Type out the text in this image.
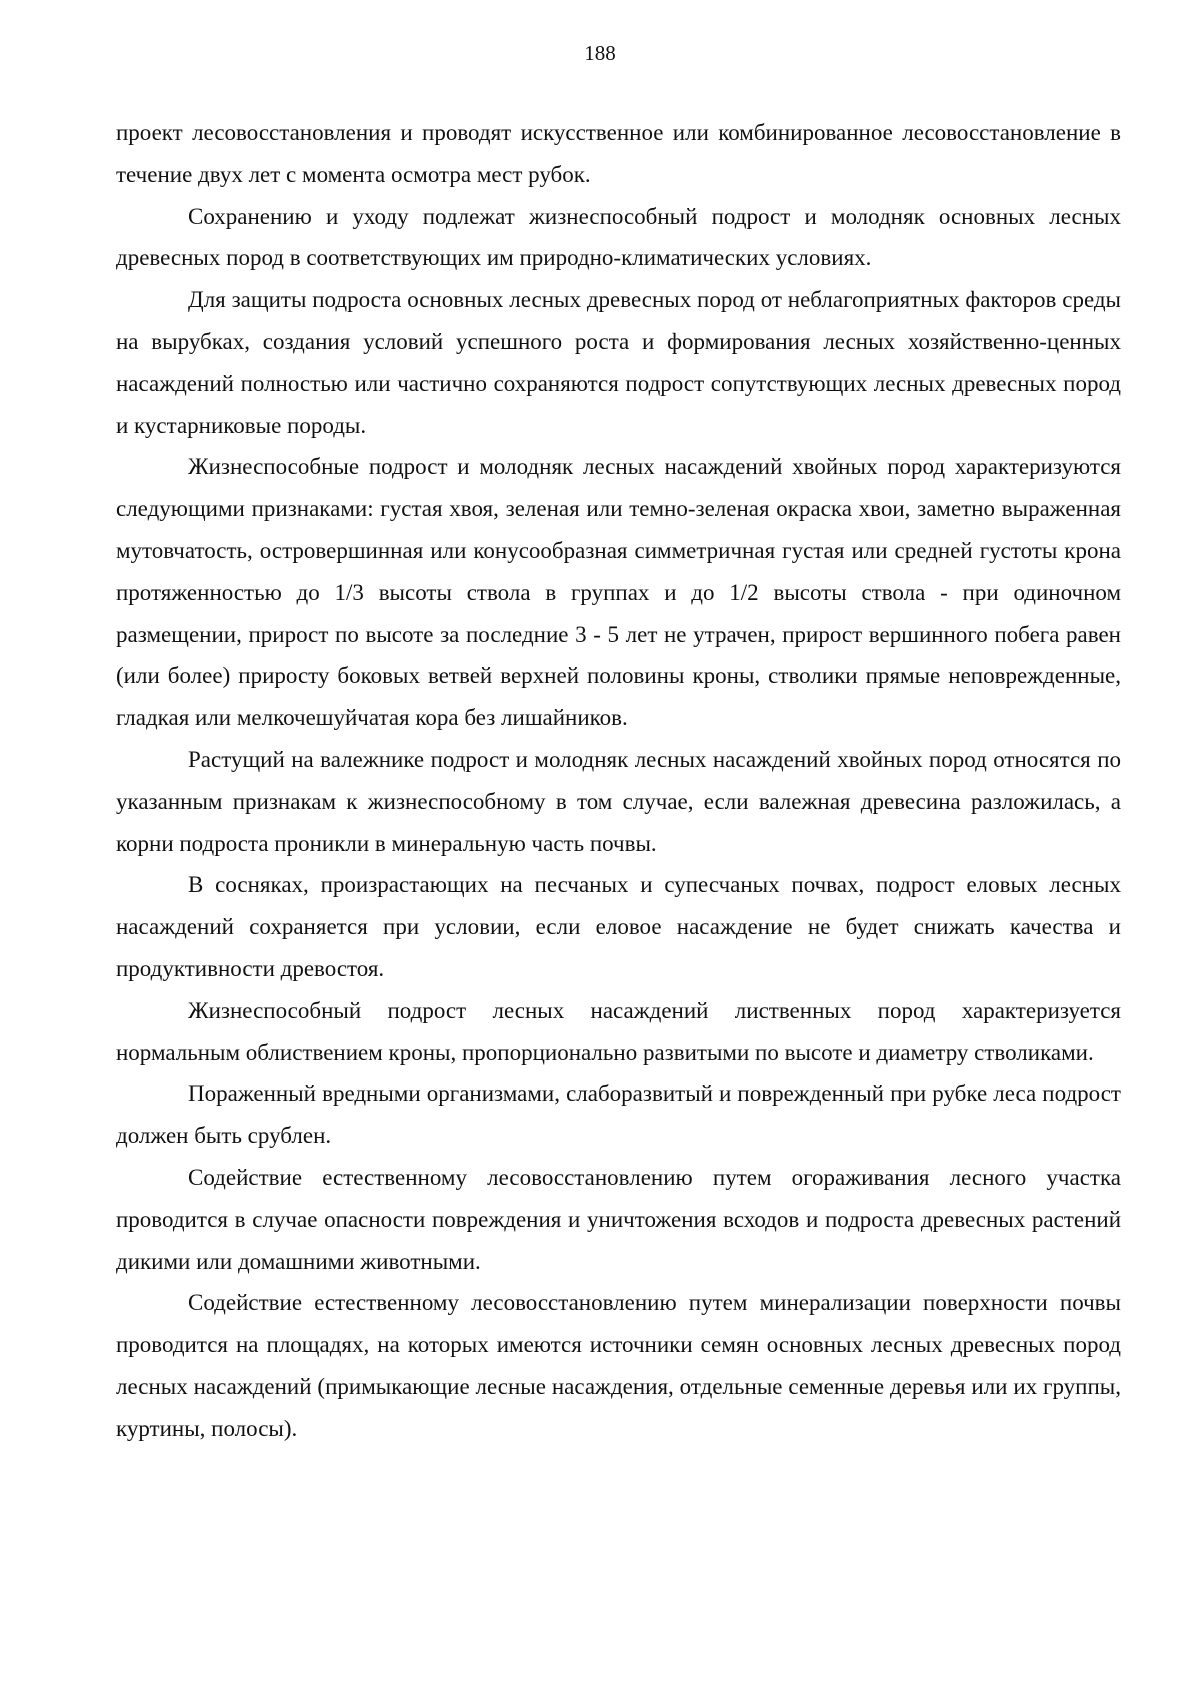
188

проект лесовосстановления и проводят искусственное или комбинированное лесовосстановление в течение двух лет с момента осмотра мест рубок.

Сохранению и уходу подлежат жизнеспособный подрост и молодняк основных лесных древесных пород в соответствующих им природно-климатических условиях.

Для защиты подроста основных лесных древесных пород от неблагоприятных факторов среды на вырубках, создания условий успешного роста и формирования лесных хозяйственно-ценных насаждений полностью или частично сохраняются подрост сопутствующих лесных древесных пород и кустарниковые породы.

Жизнеспособные подрост и молодняк лесных насаждений хвойных пород характеризуются следующими признаками: густая хвоя, зеленая или темно-зеленая окраска хвои, заметно выраженная мутовчатость, островершинная или конусообразная симметричная густая или средней густоты крона протяженностью до 1/3 высоты ствола в группах и до 1/2 высоты ствола - при одиночном размещении, прирост по высоте за последние 3 - 5 лет не утрачен, прирост вершинного побега равен (или более) приросту боковых ветвей верхней половины кроны, стволики прямые неповрежденные, гладкая или мелкочешуйчатая кора без лишайников.

Растущий на валежнике подрост и молодняк лесных насаждений хвойных пород относятся по указанным признакам к жизнеспособному в том случае, если валежная древесина разложилась, а корни подроста проникли в минеральную часть почвы.

В сосняках, произрастающих на песчаных и супесчаных почвах, подрост еловых лесных насаждений сохраняется при условии, если еловое насаждение не будет снижать качества и продуктивности древостоя.

Жизнеспособный подрост лесных насаждений лиственных пород характеризуется нормальным облиствением кроны, пропорционально развитыми по высоте и диаметру стволиками.

Пораженный вредными организмами, слаборазвитый и поврежденный при рубке леса подрост должен быть срублен.

Содействие естественному лесовосстановлению путем огораживания лесного участка проводится в случае опасности повреждения и уничтожения всходов и подроста древесных растений дикими или домашними животными.

Содействие естественному лесовосстановлению путем минерализации поверхности почвы проводится на площадях, на которых имеются источники семян основных лесных древесных пород лесных насаждений (примыкающие лесные насаждения, отдельные семенные деревья или их группы, куртины, полосы).
